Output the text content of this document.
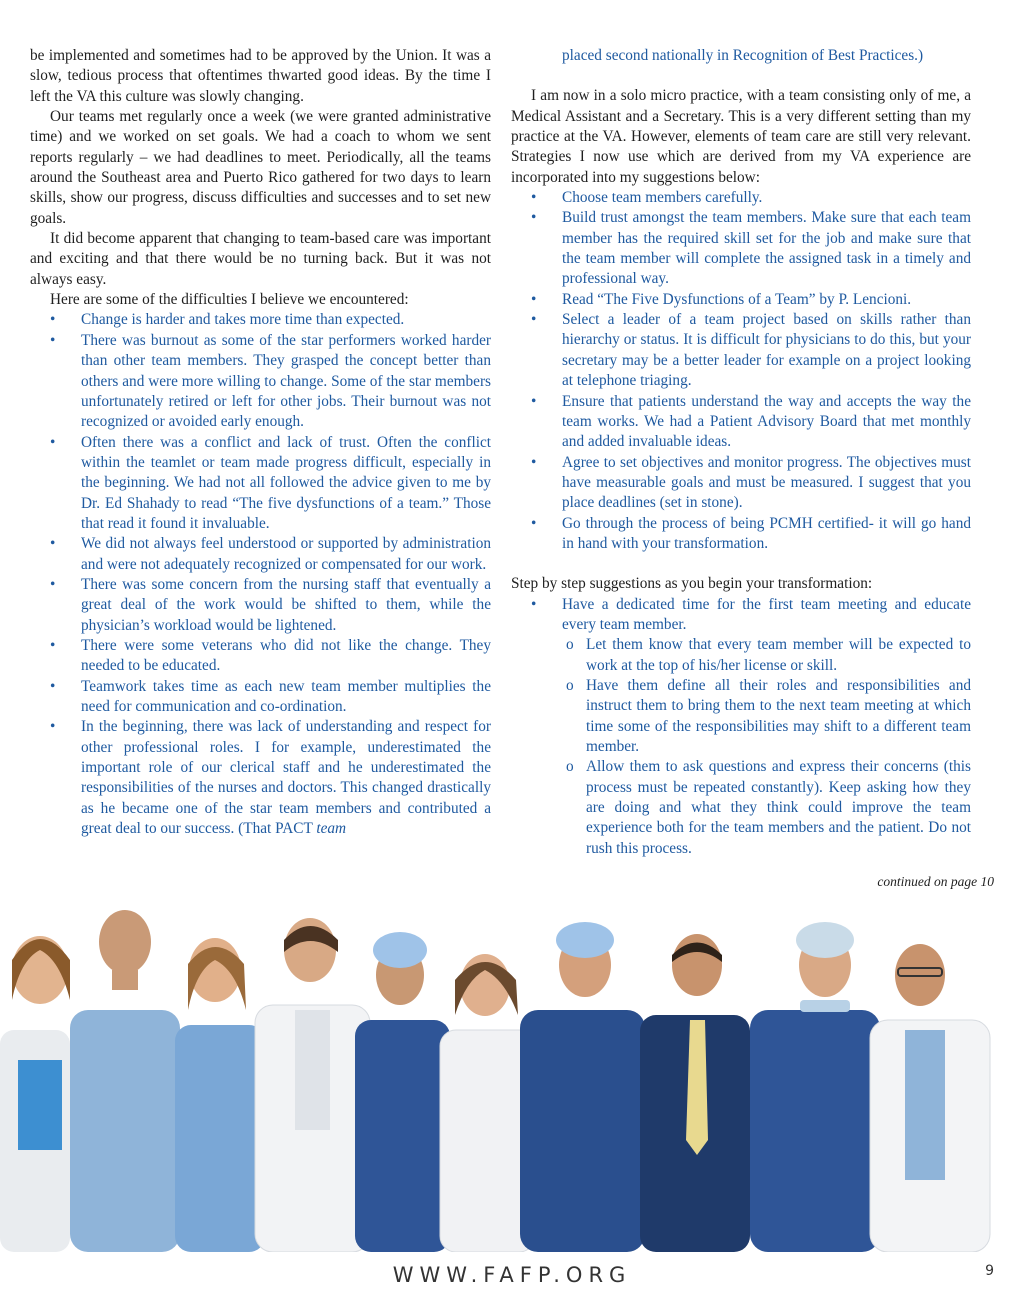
be implemented and sometimes had to be approved by the Union. It was a slow, tedious process that oftentimes thwarted good ideas. By the time I left the VA this culture was slowly changing.

Our teams met regularly once a week (we were granted administrative time) and we worked on set goals. We had a coach to whom we sent reports regularly – we had deadlines to meet. Periodically, all the teams around the Southeast area and Puerto Rico gathered for two days to learn skills, show our progress, discuss difficulties and successes and to set new goals.

It did become apparent that changing to team-based care was important and exciting and that there would be no turning back. But it was not always easy.

Here are some of the difficulties I believe we encountered:

• Change is harder and takes more time than expected.
• There was burnout as some of the star performers worked harder than other team members. They grasped the concept better than others and were more willing to change. Some of the star members unfortunately retired or left for other jobs. Their burnout was not recognized or avoided early enough.
• Often there was a conflict and lack of trust. Often the conflict within the teamlet or team made progress difficult, especially in the beginning. We had not all followed the advice given to me by Dr. Ed Shahady to read “The five dysfunctions of a team.” Those that read it found it invaluable.
• We did not always feel understood or supported by administration and were not adequately recognized or compensated for our work.
• There was some concern from the nursing staff that eventually a great deal of the work would be shifted to them, while the physician’s workload would be lightened.
• There were some veterans who did not like the change. They needed to be educated.
• Teamwork takes time as each new team member multiplies the need for communication and co-ordination.
• In the beginning, there was lack of understanding and respect for other professional roles. I for example, underestimated the important role of our clerical staff and he underestimated the responsibilities of the nurses and doctors. This changed drastically as he became one of the star team members and contributed a great deal to our success. (That PACT team

placed second nationally in Recognition of Best Practices.)

I am now in a solo micro practice, with a team consisting only of me, a Medical Assistant and a Secretary. This is a very different setting than my practice at the VA. However, elements of team care are still very relevant. Strategies I now use which are derived from my VA experience are incorporated into my suggestions below:

• Choose team members carefully.
• Build trust amongst the team members. Make sure that each team member has the required skill set for the job and make sure that the team member will complete the assigned task in a timely and professional way.
• Read “The Five Dysfunctions of a Team” by P. Lencioni.
• Select a leader of a team project based on skills rather than hierarchy or status. It is difficult for physicians to do this, but your secretary may be a better leader for example on a project looking at telephone triaging.
• Ensure that patients understand the way and accepts the way the team works. We had a Patient Advisory Board that met monthly and added invaluable ideas.
• Agree to set objectives and monitor progress. The objectives must have measurable goals and must be measured. I suggest that you place deadlines (set in stone).
• Go through the process of being PCMH certified- it will go hand in hand with your transformation.

Step by step suggestions as you begin your transformation:

• Have a dedicated time for the first team meeting and educate every team member.
o Let them know that every team member will be expected to work at the top of his/her license or skill.
o Have them define all their roles and responsibilities and instruct them to bring them to the next team meeting at which time some of the responsibilities may shift to a different team member.
o Allow them to ask questions and express their concerns (this process must be repeated constantly). Keep asking how they are doing and what they think could improve the team experience both for the team members and the patient. Do not rush this process.
continued on page 10
WWW.FAFP.ORG	9
